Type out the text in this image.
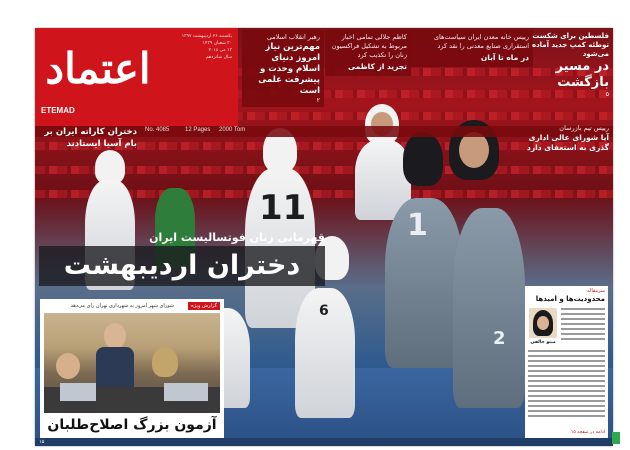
11
6
1
2
اعتماد
ETEMAD
یکشنبه ۲۶ اردیبهشت ۱۳۹۷
۳۰ شعبان ۱۴۳۹
۱۳ می ۲۰۱۸
سال شانزدهم
No. 4085	12 Pages 2000 Tom
رهبر انقلاب اسلامی
مهم‌ترین نیاز امروز دنیای اسلام وحدت و پیشرفت علمی است
۲
کاظم جلالی تمامی اخبار مربوط به تشکیل فراکسیون زنان را تکذیب کرد
تجرید از کاظمی
رییس خانه معدن ایران سیاست‌های استقراری صنایع معدنی را نقد کرد
در ماه تا آبان
فلسطین برای شکست توطئه کمپ جدید آماده می‌شود
در مسیر بازگشت
۵
دختران کاراته ایران بر بام آسیا ایستادند
رییس تیم بازرسان
آیا شورای عالی اداری گذری به استعفای دارد
قهرمانی زنان فوتسالیست ایران
دختران اردیبهشت
گزارش ویژه
شورای شهر امروز به شهرداری تهران رای می‌دهد
آزمون بزرگ اصلاح‌طلبان
سرمقاله
محدودیت‌ها و امیدها
مینو خالقی
ادامه در صفحه ۱۵
۱۵
